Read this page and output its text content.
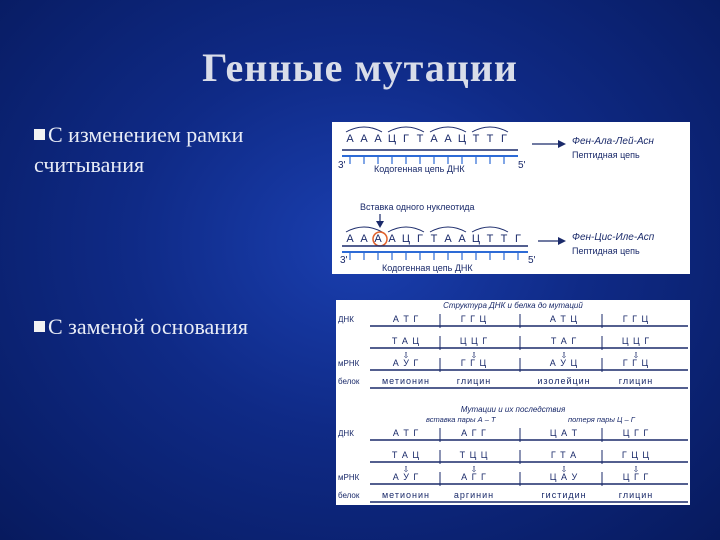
Генные мутации
С изменением рамки
считывания
С заменой основания
А А А Ц Г Т А А Ц Т Т Г
А А А А Ц Г Т А А Ц Т Т Г
3'	5'
Кодогенная цепь ДНК
Фен-Ала-Лей-Асн
Пептидная цепь
Вставка одного нуклеотида
3'	5'
Кодогенная цепь ДНК
Фен-Цис-Иле-Асп
Пептидная цепь
Структура ДНК и белка до мутаций
ДНК	А Т Г	Г Г Ц	А Т Ц	Г Г Ц
Т А Ц	Ц Ц Г	Т А Г	Ц Ц Г
мРНК	А У Г	Г Г Ц	А У Ц	Г Г Ц
белок	метионин	глицин	изолейцин	глицин
⇩	⇩	⇩	⇩
Мутации и их последствия
вставка пары А – Т	потеря пары Ц – Г
ДНК	А Т Г	А Г Г	Ц А Т	Ц Г Г
Т А Ц	Т Ц Ц	Г Т А	Г Ц Ц
мРНК	А У Г	А Г Г	Ц А У	Ц Г Г
белок	метионин	аргинин	гистидин	глицин
⇩	⇩	⇩	⇩
